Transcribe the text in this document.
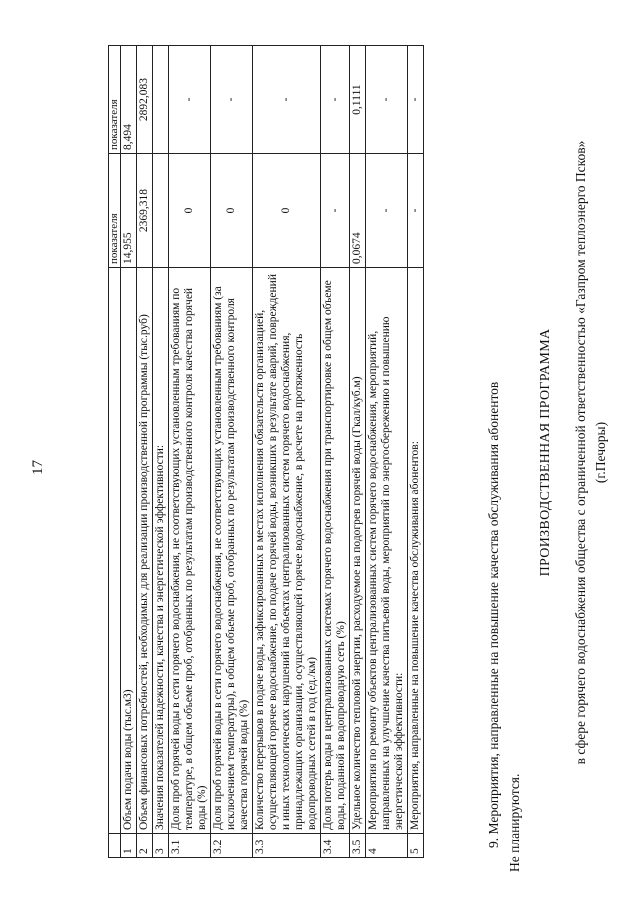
17
		показателя	показателя
1	Объем подачи воды (тыс.м3)	14,955	8,494
2	Объем финансовых потребностей, необходимых для реализации производственной программы (тыс.руб)	2369,318	2892,083
3	Значения показателей надежности, качества и энергетической эффективности:		
3.1	Доля проб горячей воды в сети горячего водоснабжения, не соответствующих установленным требованиям по температуре, в общем объеме проб, отобранных по результатам производственного контроля качества горячей воды (%)	0	-
3.2	Доля проб горячей воды в сети горячего водоснабжения, не соответствующих установленным требованиям (за исключением температуры), в общем объеме проб, отобранных по результатам производственного контроля качества горячей воды (%)	0	-
3.3	Количество перерывов в подаче воды, зафиксированных в местах исполнения обязательств организацией, осуществляющей горячее водоснабжение, по подаче горячей воды, возникших в результате аварий, повреждений и иных технологических нарушений на объектах централизованных систем горячего водоснабжения, принадлежащих организации, осуществляющей горячее водоснабжение, в расчете на протяженность водопроводных сетей в год (ед./км)	0	-
3.4	Доля потерь воды в централизованных системах горячего водоснабжения при транспортировке в общем объеме воды, поданной в водопроводную сеть (%)	-	-
3.5	Удельное количество тепловой энергии, расходуемое на подогрев горячей воды (Гкал/куб.м)	0,0674	0,1111
4	Мероприятия по ремонту объектов централизованных систем горячего водоснабжения, мероприятий, направленных на улучшение качества питьевой воды, мероприятий по энергосбережению и повышению энергетической эффективности:	-	-
5	Мероприятия, направленные на повышение качества обслуживания абонентов:	-	-
9. Мероприятия, направленные на повышение качества обслуживания абонентов Не планируются.
ПРОИЗВОДСТВЕННАЯ ПРОГРАММА в сфере горячего водоснабжения общества с ограниченной ответственностью «Газпром теплоэнерго Псков» (г.Печоры)
